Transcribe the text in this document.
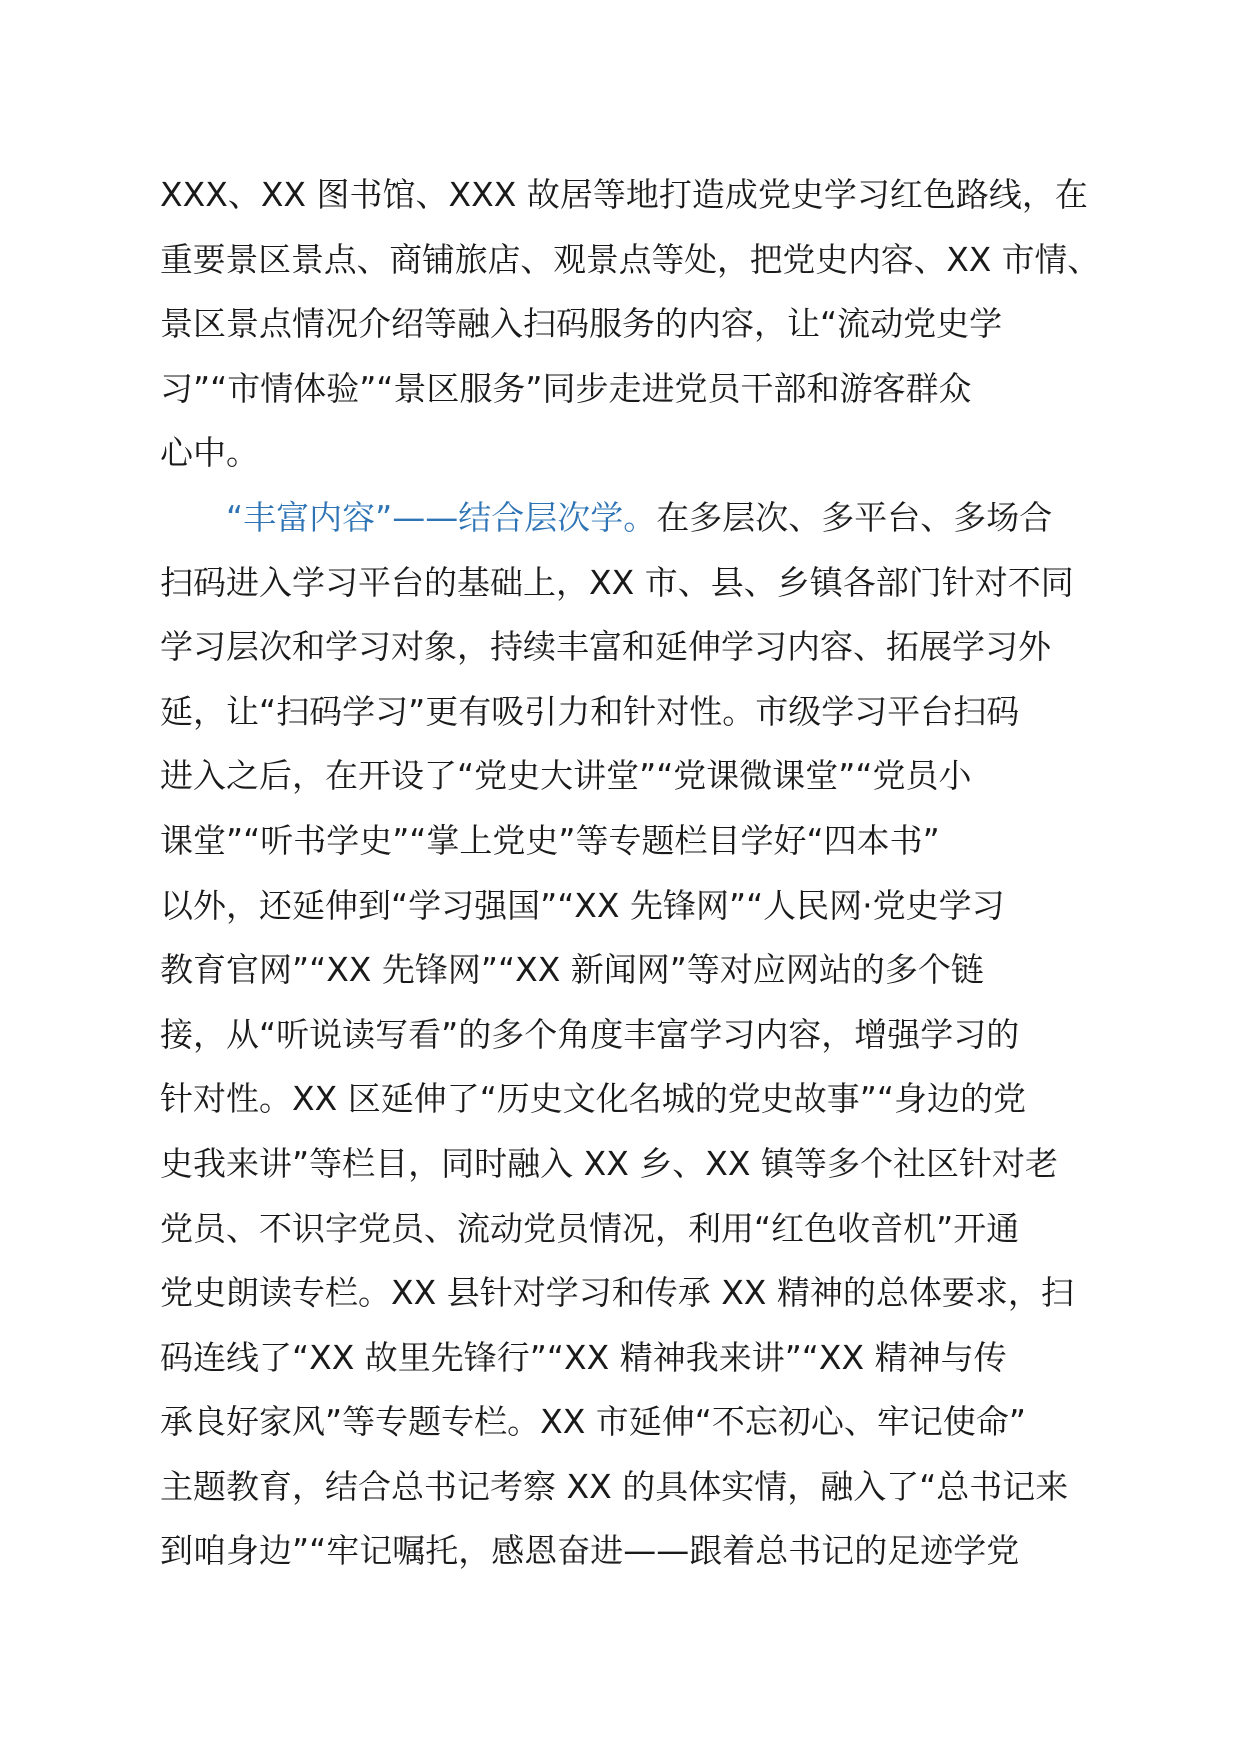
XXX、XX 图书馆、XXX 故居等地打造成党史学习红色路线，在
重要景区景点、商铺旅店、观景点等处，把党史内容、XX 市情、
景区景点情况介绍等融入扫码服务的内容，让“流动党史学
习”“市情体验”“景区服务”同步走进党员干部和游客群众
心中。
“丰富内容”——结合层次学。在多层次、多平台、多场合
扫码进入学习平台的基础上，XX 市、县、乡镇各部门针对不同
学习层次和学习对象，持续丰富和延伸学习内容、拓展学习外
延，让“扫码学习”更有吸引力和针对性。市级学习平台扫码
进入之后，在开设了“党史大讲堂”“党课微课堂”“党员小
课堂”“听书学史”“掌上党史”等专题栏目学好“四本书”
以外，还延伸到“学习强国”“XX 先锋网”“人民网·党史学习
教育官网”“XX 先锋网”“XX 新闻网”等对应网站的多个链
接，从“听说读写看”的多个角度丰富学习内容，增强学习的
针对性。XX 区延伸了“历史文化名城的党史故事”“身边的党
史我来讲”等栏目，同时融入 XX 乡、XX 镇等多个社区针对老
党员、不识字党员、流动党员情况，利用“红色收音机”开通
党史朗读专栏。XX 县针对学习和传承 XX 精神的总体要求，扫
码连线了“XX 故里先锋行”“XX 精神我来讲”“XX 精神与传
承良好家风”等专题专栏。XX 市延伸“不忘初心、牢记使命”
主题教育，结合总书记考察 XX 的具体实情，融入了“总书记来
到咱身边”“牢记嘱托，感恩奋进——跟着总书记的足迹学党
